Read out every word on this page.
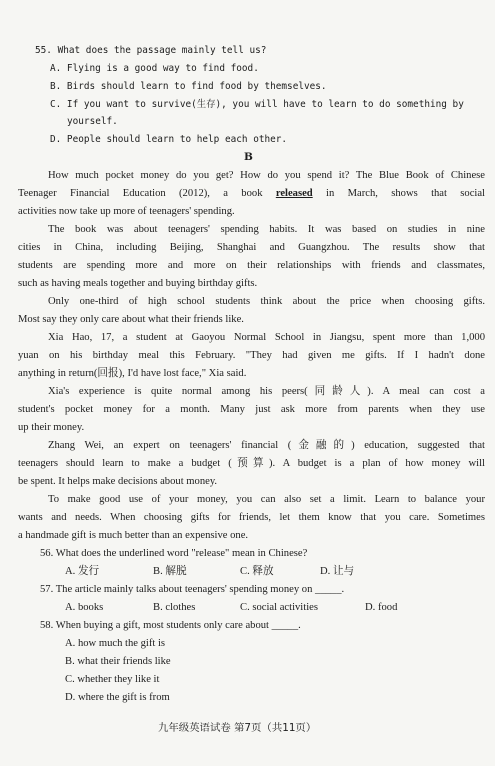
55. What does the passage mainly tell us?
A. Flying is a good way to find food.
B. Birds should learn to find food by themselves.
C. If you want to survive(生存), you will have to learn to do something by
yourself.
D. People should learn to help each other.
B
How much pocket money do you get? How do you spend it? The Blue Book of Chinese
Teenager Financial Education (2012), a book released in March, shows that social
activities now take up more of teenagers' spending.
The book was about teenagers' spending habits. It was based on studies in nine
cities in China, including Beijing, Shanghai and Guangzhou. The results show that
students are spending more and more on their relationships with friends and classmates,
such as having meals together and buying birthday gifts.
Only one-third of high school students think about the price when choosing gifts.
Most say they only care about what their friends like.
Xia Hao, 17, a student at Gaoyou Normal School in Jiangsu, spent more than 1,000
yuan on his birthday meal this February. "They had given me gifts. If I hadn't done
anything in return(回报), I'd have lost face," Xia said.
Xia's experience is quite normal among his peers(同龄人). A meal can cost a
student's pocket money for a month. Many just ask more from parents when they use
up their money.
Zhang Wei, an expert on teenagers' financial (金融的) education, suggested that
teenagers should learn to make a budget (预算). A budget is a plan of how money will
be spent. It helps make decisions about money.
To make good use of your money, you can also set a limit. Learn to balance your
wants and needs. When choosing gifts for friends, let them know that you care. Sometimes
a handmade gift is much better than an expensive one.
56. What does the underlined word "release" mean in Chinese?
A. 发行	B. 解脱	C. 释放	D. 让与
57. The article mainly talks about teenagers' spending money on _____.
A. books	B. clothes	C. social activities	D. food
58. When buying a gift, most students only care about _____.
A. how much the gift is
B. what their friends like
C. whether they like it
D. where the gift is from
九年级英语试卷 第7页（共11页）
